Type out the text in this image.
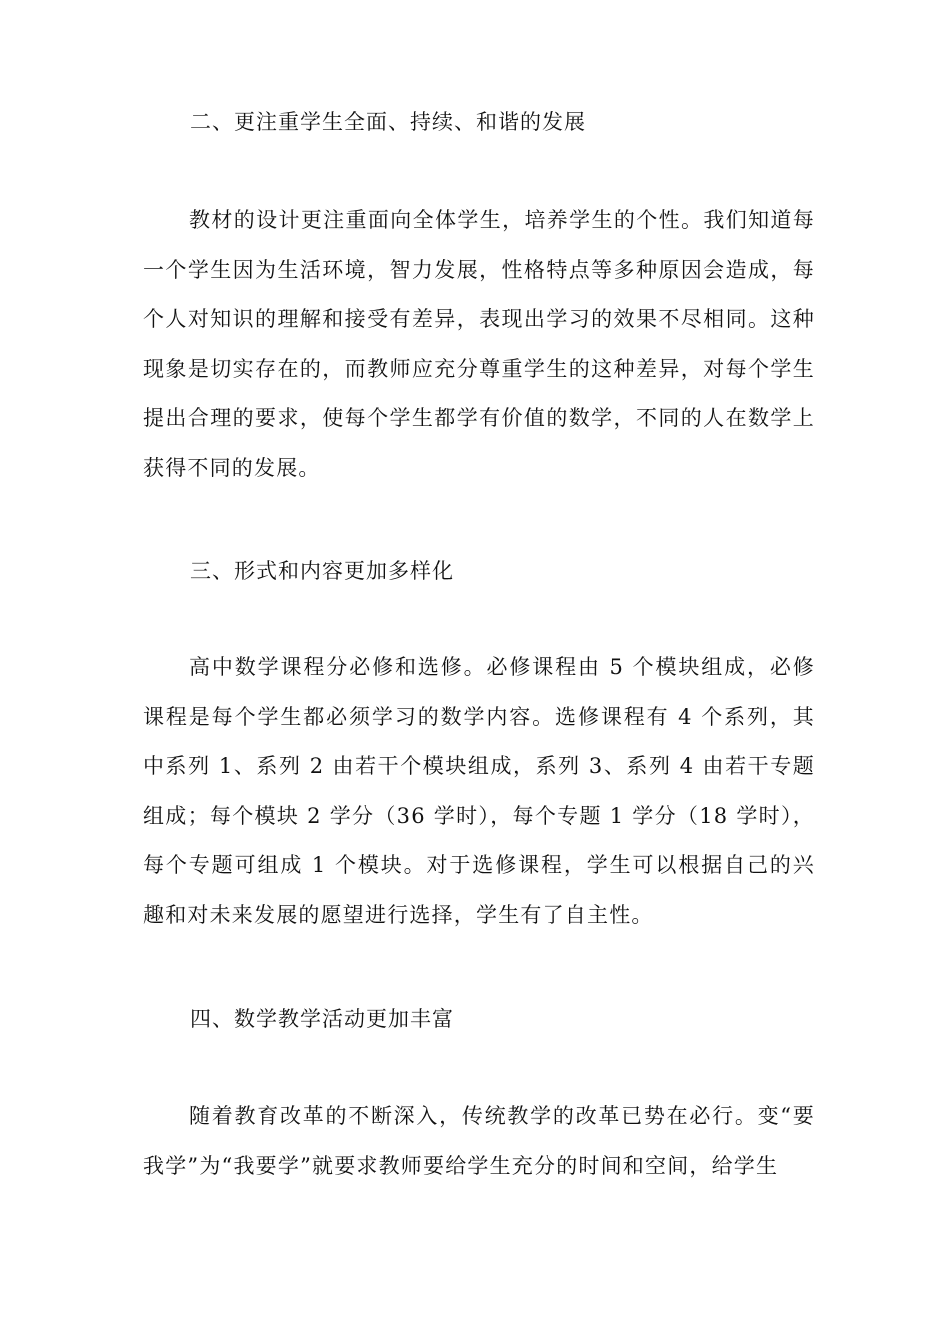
二、更注重学生全面、持续、和谐的发展

教材的设计更注重面向全体学生，培养学生的个性。我们知道每一个学生因为生活环境，智力发展，性格特点等多种原因会造成，每个人对知识的理解和接受有差异，表现出学习的效果不尽相同。这种现象是切实存在的，而教师应充分尊重学生的这种差异，对每个学生提出合理的要求，使每个学生都学有价值的数学，不同的人在数学上获得不同的发展。

三、形式和内容更加多样化

高中数学课程分必修和选修。必修课程由 5 个模块组成，必修课程是每个学生都必须学习的数学内容。选修课程有 4 个系列，其中系列 1、系列 2 由若干个模块组成，系列 3、系列 4 由若干专题组成；每个模块 2 学分（36 学时），每个专题 1 学分（18 学时），每个专题可组成 1 个模块。对于选修课程，学生可以根据自己的兴趣和对未来发展的愿望进行选择，学生有了自主性。

四、数学教学活动更加丰富

随着教育改革的不断深入，传统教学的改革已势在必行。变“要我学”为“我要学”就要求教师要给学生充分的时间和空间，给学生
